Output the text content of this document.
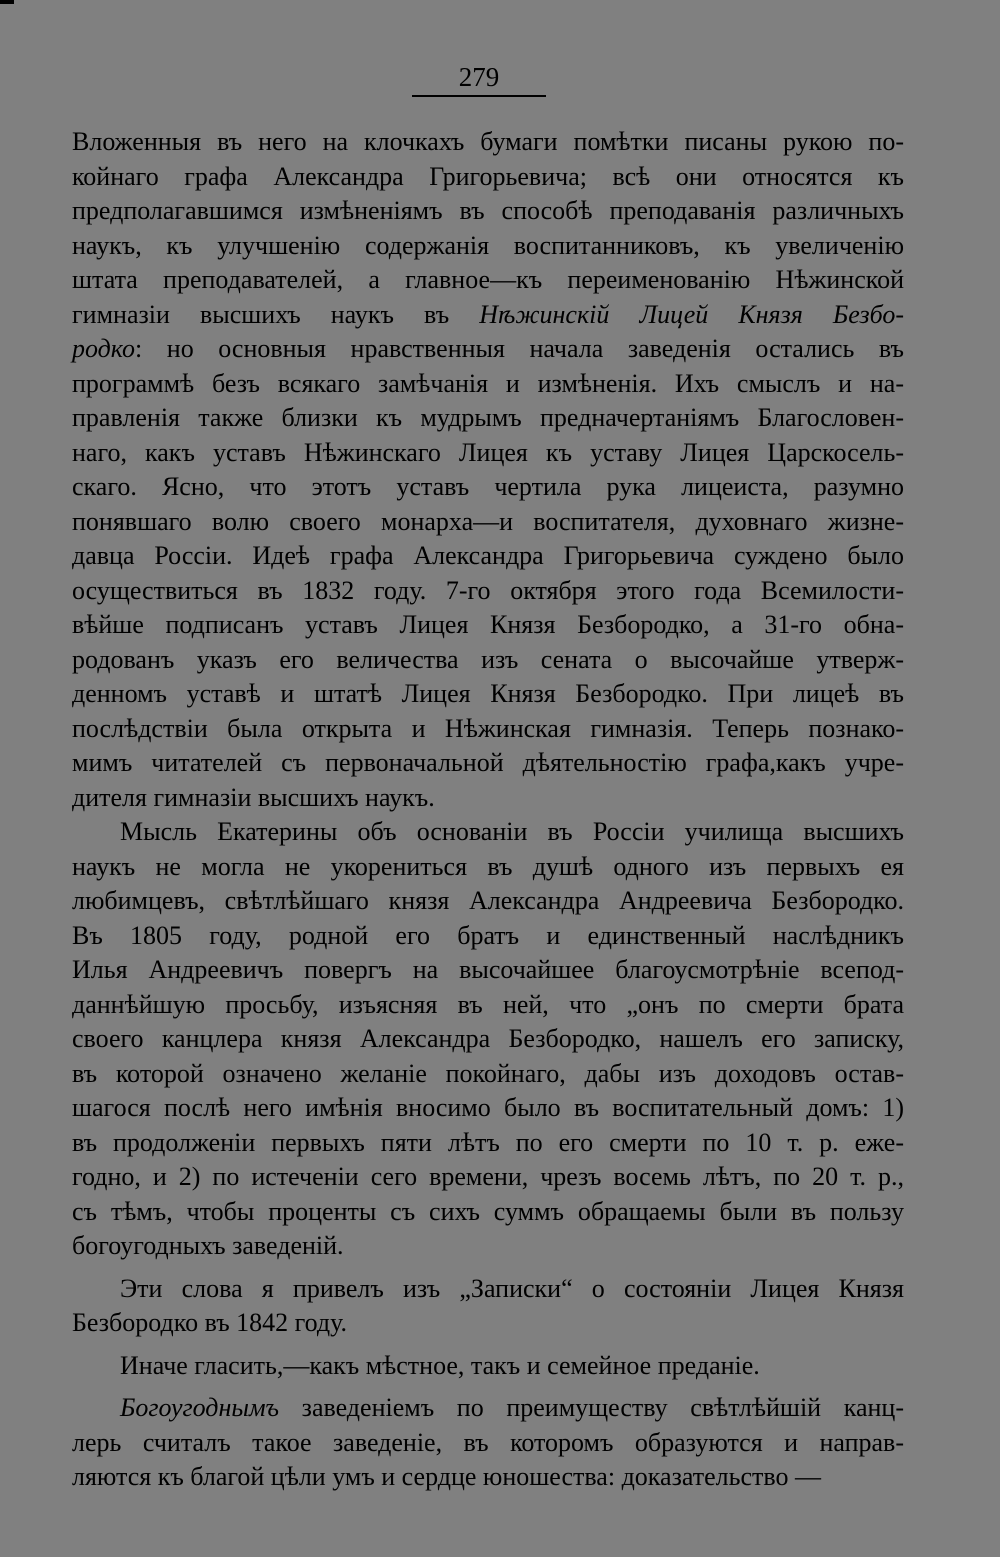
279
Вложенныя въ него на клочкахъ бумаги помѣтки писаны рукою по-
койнаго графа Александра Григорьевича; всѣ они относятся къ
предполагавшимся измѣненіямъ въ способѣ преподаванія различныхъ
наукъ, къ улучшенію содержанія воспитанниковъ, къ увеличенію
штата преподавателей, а главное—къ переименованію Нѣжинской
гимназіи высшихъ наукъ въ Нѣжинскій Лицей Князя Безбо-
родко: но основныя нравственныя начала заведенія остались въ
программѣ безъ всякаго замѣчанія и измѣненія. Ихъ смыслъ и на-
правленія также близки къ мудрымъ предначертаніямъ Благословен-
наго, какъ уставъ Нѣжинскаго Лицея къ уставу Лицея Царскосель-
скаго. Ясно, что этотъ уставъ чертила рука лицеиста, разумно
понявшаго волю своего монарха—и воспитателя, духовнаго жизне-
давца Россіи. Идеѣ графа Александра Григорьевича суждено было
осуществиться въ 1832 году. 7-го октября этого года Всемилости-
вѣйше подписанъ уставъ Лицея Князя Безбородко, а 31-го обна-
родованъ указъ его величества изъ сената о высочайше утверж-
денномъ уставѣ и штатѣ Лицея Князя Безбородко. При лицеѣ въ
послѣдствіи была открыта и Нѣжинская гимназія. Теперь познако-
мимъ читателей съ первоначальной дѣятельностію графа,какъ учре-
дителя гимназіи высшихъ наукъ.
Мысль Екатерины объ основаніи въ Россіи училища высшихъ
наукъ не могла не укорениться въ душѣ одного изъ первыхъ ея
любимцевъ, свѣтлѣйшаго князя Александра Андреевича Безбородко.
Въ 1805 году, родной его братъ и единственный наслѣдникъ
Илья Андреевичъ повергъ на высочайшее благоусмотрѣніе всепод-
даннѣйшую просьбу, изъясняя въ ней, что „онъ по смерти брата
своего канцлера князя Александра Безбородко, нашелъ его записку,
въ которой означено желаніе покойнаго, дабы изъ доходовъ остав-
шагося послѣ него имѣнія вносимо было въ воспитательный домъ: 1)
въ продолженіи первыхъ пяти лѣтъ по его смерти по 10 т. р. еже-
годно, и 2) по истеченіи сего времени, чрезъ восемь лѣтъ, по 20 т. р.,
съ тѣмъ, чтобы проценты съ сихъ суммъ обращаемы были въ пользу
богоугодныхъ заведеній.
Эти слова я привелъ изъ „Записки“ о состояніи Лицея Князя
Безбородко въ 1842 году.
Иначе гласить,—какъ мѣстное, такъ и семейное преданіе.
Богоугоднымъ заведеніемъ по преимуществу свѣтлѣйшій канц-
лерь считалъ такое заведеніе, въ которомъ образуются и направ-
ляются къ благой цѣли умъ и сердце юношества: доказательство —
